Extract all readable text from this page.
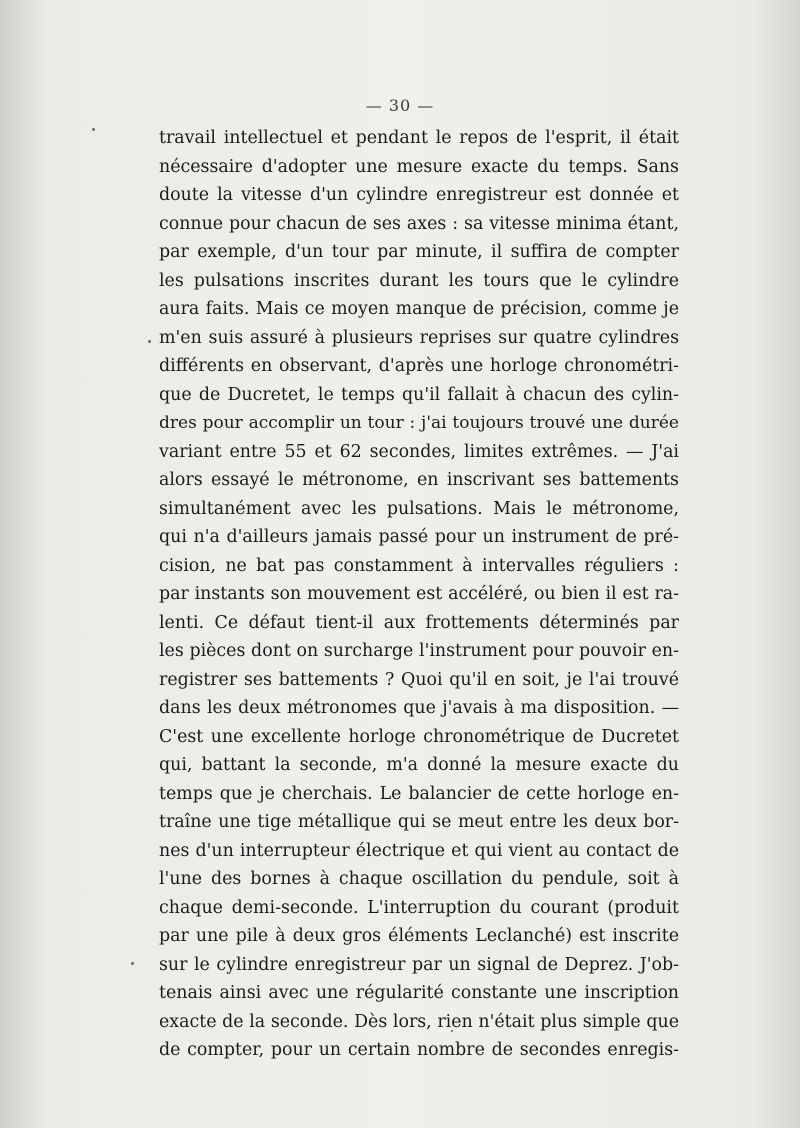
— 30 —
travail intellectuel et pendant le repos de l'esprit, il était
nécessaire d'adopter une mesure exacte du temps. Sans
doute la vitesse d'un cylindre enregistreur est donnée et
connue pour chacun de ses axes : sa vitesse minima étant,
par exemple, d'un tour par minute, il suffira de compter
les pulsations inscrites durant les tours que le cylindre
aura faits. Mais ce moyen manque de précision, comme je
m'en suis assuré à plusieurs reprises sur quatre cylindres
différents en observant, d'après une horloge chronométri-
que de Ducretet, le temps qu'il fallait à chacun des cylin-
dres pour accomplir un tour : j'ai toujours trouvé une durée
variant entre 55 et 62 secondes, limites extrêmes. — J'ai
alors essayé le métronome, en inscrivant ses battements
simultanément avec les pulsations. Mais le métronome,
qui n'a d'ailleurs jamais passé pour un instrument de pré-
cision, ne bat pas constamment à intervalles réguliers :
par instants son mouvement est accéléré, ou bien il est ra-
lenti. Ce défaut tient-il aux frottements déterminés par
les pièces dont on surcharge l'instrument pour pouvoir en-
registrer ses battements ? Quoi qu'il en soit, je l'ai trouvé
dans les deux métronomes que j'avais à ma disposition. —
C'est une excellente horloge chronométrique de Ducretet
qui, battant la seconde, m'a donné la mesure exacte du
temps que je cherchais. Le balancier de cette horloge en-
traîne une tige métallique qui se meut entre les deux bor-
nes d'un interrupteur électrique et qui vient au contact de
l'une des bornes à chaque oscillation du pendule, soit à
chaque demi-seconde. L'interruption du courant (produit
par une pile à deux gros éléments Leclanché) est inscrite
sur le cylindre enregistreur par un signal de Deprez. J'ob-
tenais ainsi avec une régularité constante une inscription
exacte de la seconde. Dès lors, rien n'était plus simple que
de compter, pour un certain nombre de secondes enregis-
